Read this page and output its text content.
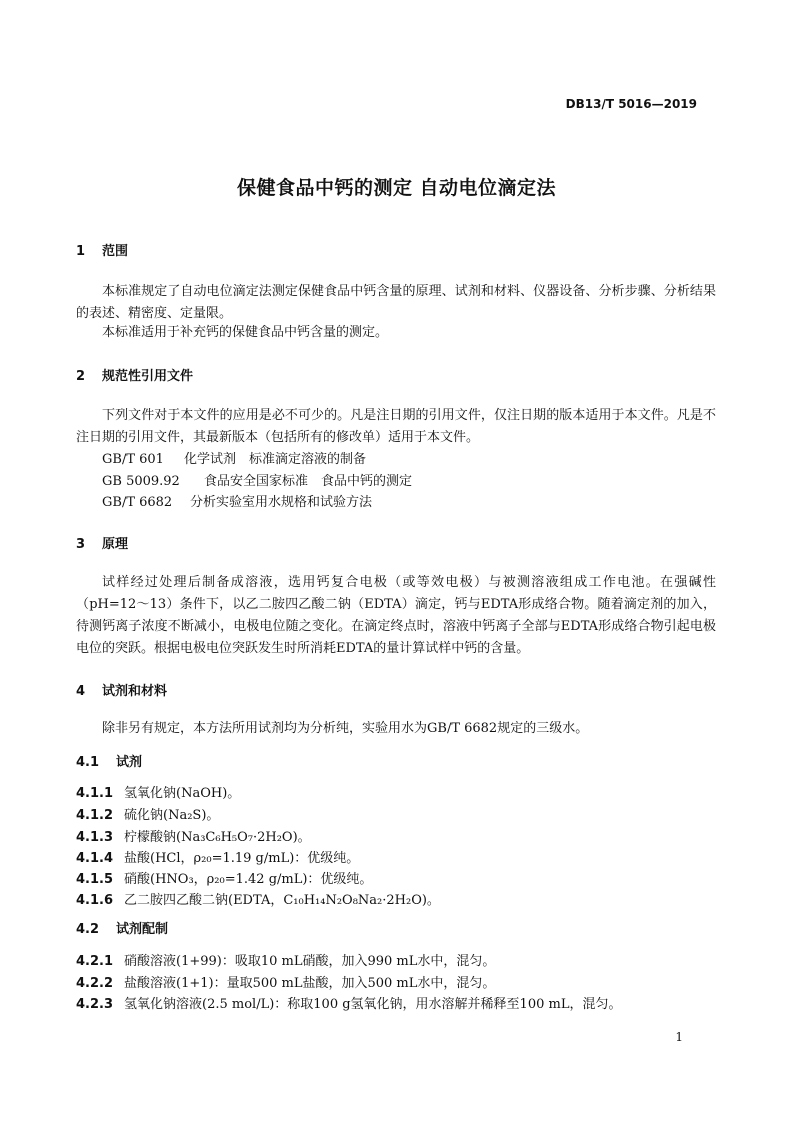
DB13/T 5016—2019
保健食品中钙的测定 自动电位滴定法
1 范围
本标准规定了自动电位滴定法测定保健食品中钙含量的原理、试剂和材料、仪器设备、分析步骤、分析结果的表述、精密度、定量限。
本标准适用于补充钙的保健食品中钙含量的测定。
2 规范性引用文件
下列文件对于本文件的应用是必不可少的。凡是注日期的引用文件，仅注日期的版本适用于本文件。凡是不注日期的引用文件，其最新版本（包括所有的修改单）适用于本文件。
GB/T 601 化学试剂　标准滴定溶液的制备
GB 5009.92 食品安全国家标准　食品中钙的测定
GB/T 6682 分析实验室用水规格和试验方法
3 原理
试样经过处理后制备成溶液，选用钙复合电极（或等效电极）与被测溶液组成工作电池。在强碱性（pH=12～13）条件下，以乙二胺四乙酸二钠（EDTA）滴定，钙与EDTA形成络合物。随着滴定剂的加入，待测钙离子浓度不断减小，电极电位随之变化。在滴定终点时，溶液中钙离子全部与EDTA形成络合物引起电极电位的突跃。根据电极电位突跃发生时所消耗EDTA的量计算试样中钙的含量。
4 试剂和材料
除非另有规定，本方法所用试剂均为分析纯，实验用水为GB/T 6682规定的三级水。
4.1 试剂
4.1.1 氢氧化钠(NaOH)。
4.1.2 硫化钠(Na₂S)。
4.1.3 柠檬酸钠(Na₃C₆H₅O₇·2H₂O)。
4.1.4 盐酸(HCl，ρ₂₀=1.19 g/mL)：优级纯。
4.1.5 硝酸(HNO₃，ρ₂₀=1.42 g/mL)：优级纯。
4.1.6 乙二胺四乙酸二钠(EDTA，C₁₀H₁₄N₂O₈Na₂·2H₂O)。
4.2 试剂配制
4.2.1 硝酸溶液(1+99)：吸取10 mL硝酸，加入990 mL水中，混匀。
4.2.2 盐酸溶液(1+1)：量取500 mL盐酸，加入500 mL水中，混匀。
4.2.3 氢氧化钠溶液(2.5 mol/L)：称取100 g氢氧化钠，用水溶解并稀释至100 mL，混匀。
1
